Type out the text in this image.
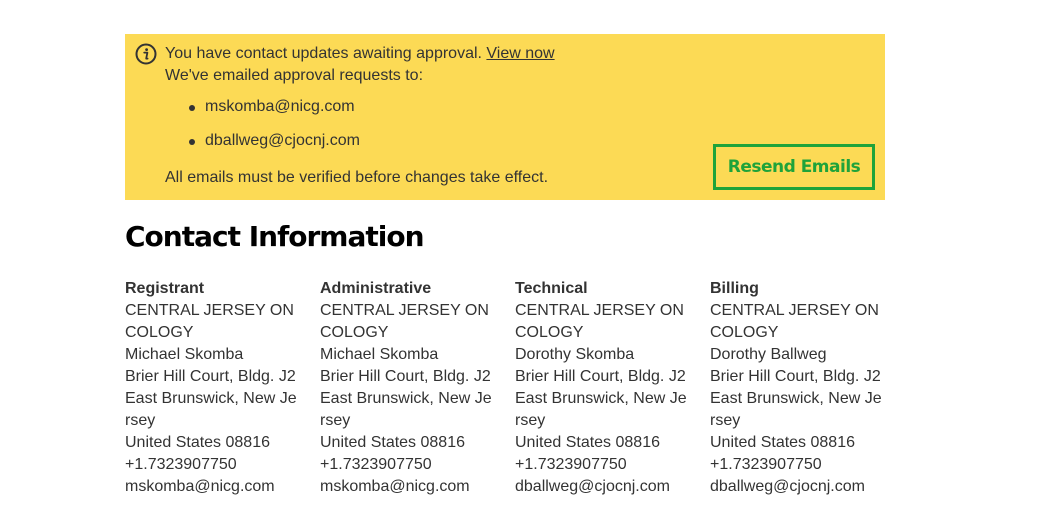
You have contact updates awaiting approval. View now
We've emailed approval requests to:
mskomba@nicg.com
dballweg@cjocnj.com
All emails must be verified before changes take effect.
Resend Emails
Contact Information
Registrant
CENTRAL JERSEY ONCOLOGY
Michael Skomba
Brier Hill Court, Bldg. J2
East Brunswick, New Jersey
United States 08816
+1.7323907750
mskomba@nicg.com
Administrative
CENTRAL JERSEY ONCOLOGY
Michael Skomba
Brier Hill Court, Bldg. J2
East Brunswick, New Jersey
United States 08816
+1.7323907750
mskomba@nicg.com
Technical
CENTRAL JERSEY ONCOLOGY
Dorothy Skomba
Brier Hill Court, Bldg. J2
East Brunswick, New Jersey
United States 08816
+1.7323907750
dballweg@cjocnj.com
Billing
CENTRAL JERSEY ONCOLOGY
Dorothy Ballweg
Brier Hill Court, Bldg. J2
East Brunswick, New Jersey
United States 08816
+1.7323907750
dballweg@cjocnj.com
